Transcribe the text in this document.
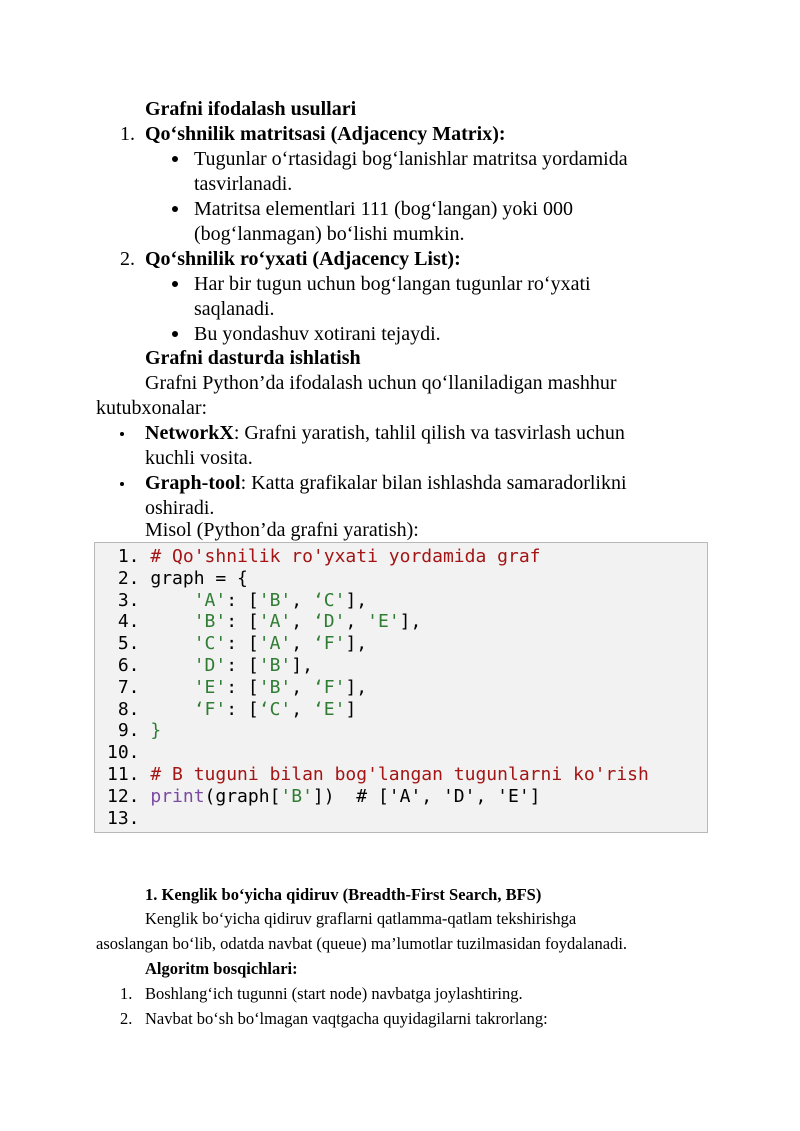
Grafni ifodalash usullari
1. Qo‘shnilik matritsasi (Adjacency Matrix):
Tugunlar o‘rtasidagi bog‘lanishlar matritsa yordamida
tasvirlanadi.
Matritsa elementlari 111 (bog‘langan) yoki 000
(bog‘lanmagan) bo‘lishi mumkin.
2. Qo‘shnilik ro‘yxati (Adjacency List):
Har bir tugun uchun bog‘langan tugunlar ro‘yxati
saqlanadi.
Bu yondashuv xotirani tejaydi.
Grafni dasturda ishlatish
Grafni Python’da ifodalash uchun qo‘llaniladigan mashhur
kutubxonalar:
NetworkX: Grafni yaratish, tahlil qilish va tasvirlash uchun
kuchli vosita.
Graph-tool: Katta grafikalar bilan ishlashda samaradorlikni
oshiradi.
Misol (Python’da grafni yaratish):
1. # Qo'shnilik ro'yxati yordamida graf
2. graph = {
3.     'A': ['B', ‘C'],
4.     'B': ['A', ‘D', 'E'],
5.     'C': ['A', ‘F'],
6.     'D': ['B'],
7.     'E': ['B', ‘F'],
8.     ‘F': [‘C', ‘E']
9. }
10.
11. # B tuguni bilan bog'langan tugunlarni ko'rish
12. print(graph['B'])  # ['A', 'D', 'E']
13.
1. Kenglik bo‘yicha qidiruv (Breadth-First Search, BFS)
Kenglik bo‘yicha qidiruv graflarni qatlamma-qatlam tekshirishga
asoslangan bo‘lib, odatda navbat (queue) ma’lumotlar tuzilmasidan foydalanadi.
Algoritm bosqichlari:
1. Boshlang‘ich tugunni (start node) navbatga joylashtiring.
2. Navbat bo‘sh bo‘lmagan vaqtgacha quyidagilarni takrorlang:
